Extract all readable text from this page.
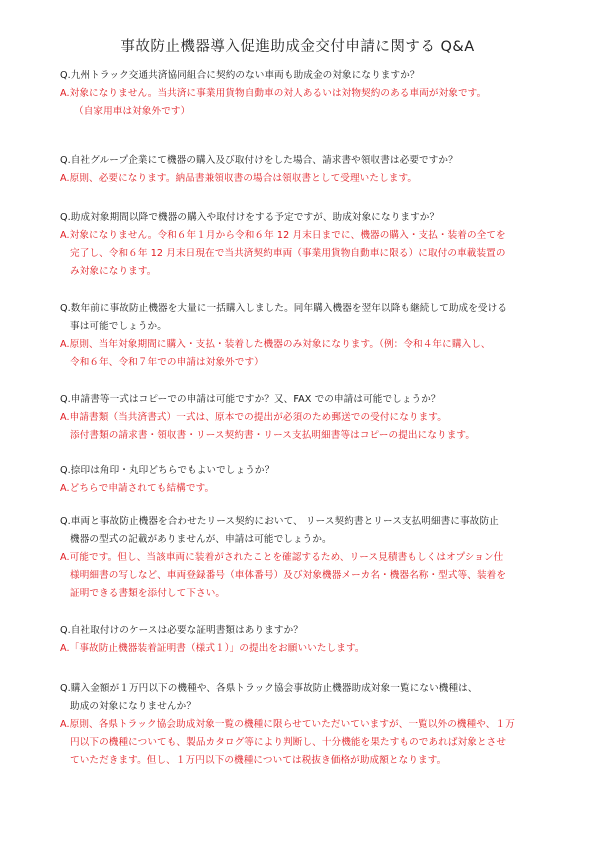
事故防止機器導入促進助成金交付申請に関する Q&A
Q.九州トラック交通共済協同組合に契約のない車両も助成金の対象になりますか？
A.対象になりません。当共済に事業用貨物自動車の対人あるいは対物契約のある車両が対象です。
（自家用車は対象外です）
Q.自社グループ企業にて機器の購入及び取付けをした場合、請求書や領収書は必要ですか？
A.原則、必要になります。納品書兼領収書の場合は領収書として受理いたします。
Q.助成対象期間以降で機器の購入や取付けをする予定ですが、助成対象になりますか？
A.対象になりません。令和６年１月から令和６年 12 月末日までに、機器の購入・支払・装着の全てを
完了し、令和６年 12 月末日現在で当共済契約車両（事業用貨物自動車に限る）に取付の車載装置の
み対象になります。
Q.数年前に事故防止機器を大量に一括購入しました。同年購入機器を翌年以降も継続して助成を受ける
事は可能でしょうか。
A.原則、当年対象期間に購入・支払・装着した機器のみ対象になります。（例：令和４年に購入し、
令和６年、令和７年での申請は対象外です）
Q.申請書等一式はコピーでの申請は可能ですか？又、FAX での申請は可能でしょうか？
A.申請書類（当共済書式）一式は、原本での提出が必須のため郵送での受付になります。
添付書類の請求書・領収書・リース契約書・リース支払明細書等はコピーの提出になります。
Q.捺印は角印・丸印どちらでもよいでしょうか？
A.どちらで申請されても結構です。
Q.車両と事故防止機器を合わせたリース契約において、 リース契約書とリース支払明細書に事故防止
機器の型式の記載がありませんが、申請は可能でしょうか。
A.可能です。但し、当該車両に装着がされたことを確認するため、リース見積書もしくはオプション仕
様明細書の写しなど、車両登録番号（車体番号）及び対象機器メーカ名・機器名称・型式等、装着を
証明できる書類を添付して下さい。
Q.自社取付けのケースは必要な証明書類はありますか？
A.「事故防止機器装着証明書（様式１）」の提出をお願いいたします。
Q.購入金額が１万円以下の機種や、各県トラック協会事故防止機器助成対象一覧にない機種は、
助成の対象になりませんか？
A.原則、各県トラック協会助成対象一覧の機種に限らせていただいていますが、一覧以外の機種や、１万
円以下の機種についても、製品カタログ等により判断し、十分機能を果たすものであれば対象とさせ
ていただきます。但し、１万円以下の機種については税抜き価格が助成額となります。
